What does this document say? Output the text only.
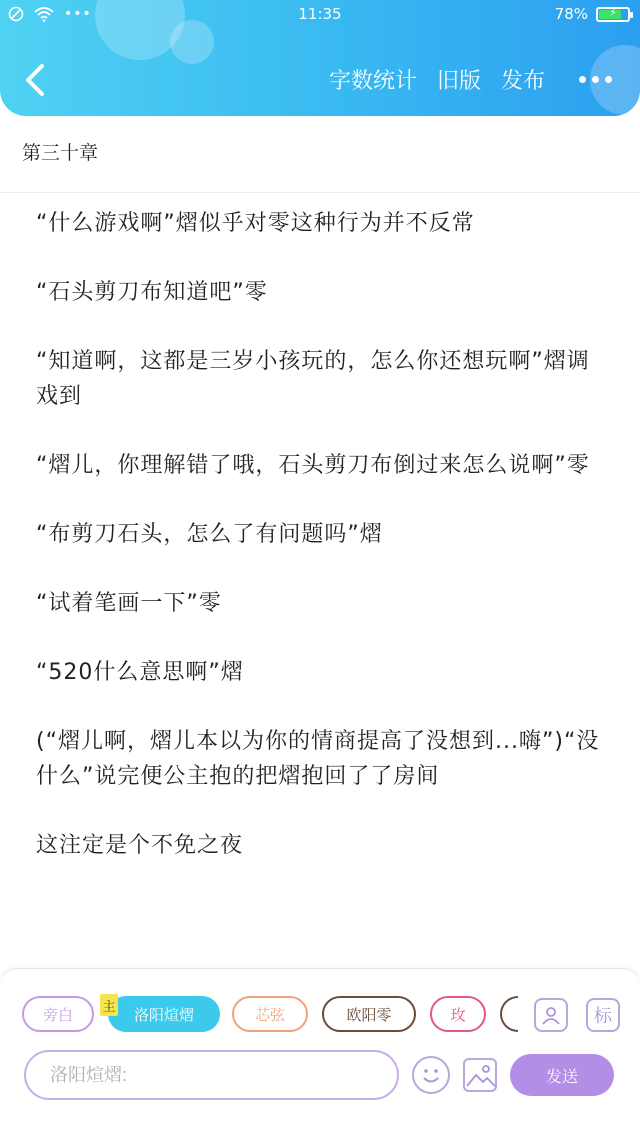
•••	11:35	78%	⚡
字数统计 旧版 发布
第三十章

“什么游戏啊”熠似乎对零这种行为并不反常

“石头剪刀布知道吧”零

“知道啊，这都是三岁小孩玩的，怎么你还想玩啊”熠调戏到

“熠儿，你理解错了哦，石头剪刀布倒过来怎么说啊”零

“布剪刀石头，怎么了有问题吗”熠

“试着笔画一下”零

“520什么意思啊”熠

(“熠儿啊，熠儿本以为你的情商提高了没想到...嗨”)“没什么”说完便公主抱的把熠抱回了了房间

这注定是个不免之夜

旁白	洛阳煊熠
主	芯弦	欧阳零	玫	标
洛阳煊熠:
发送
